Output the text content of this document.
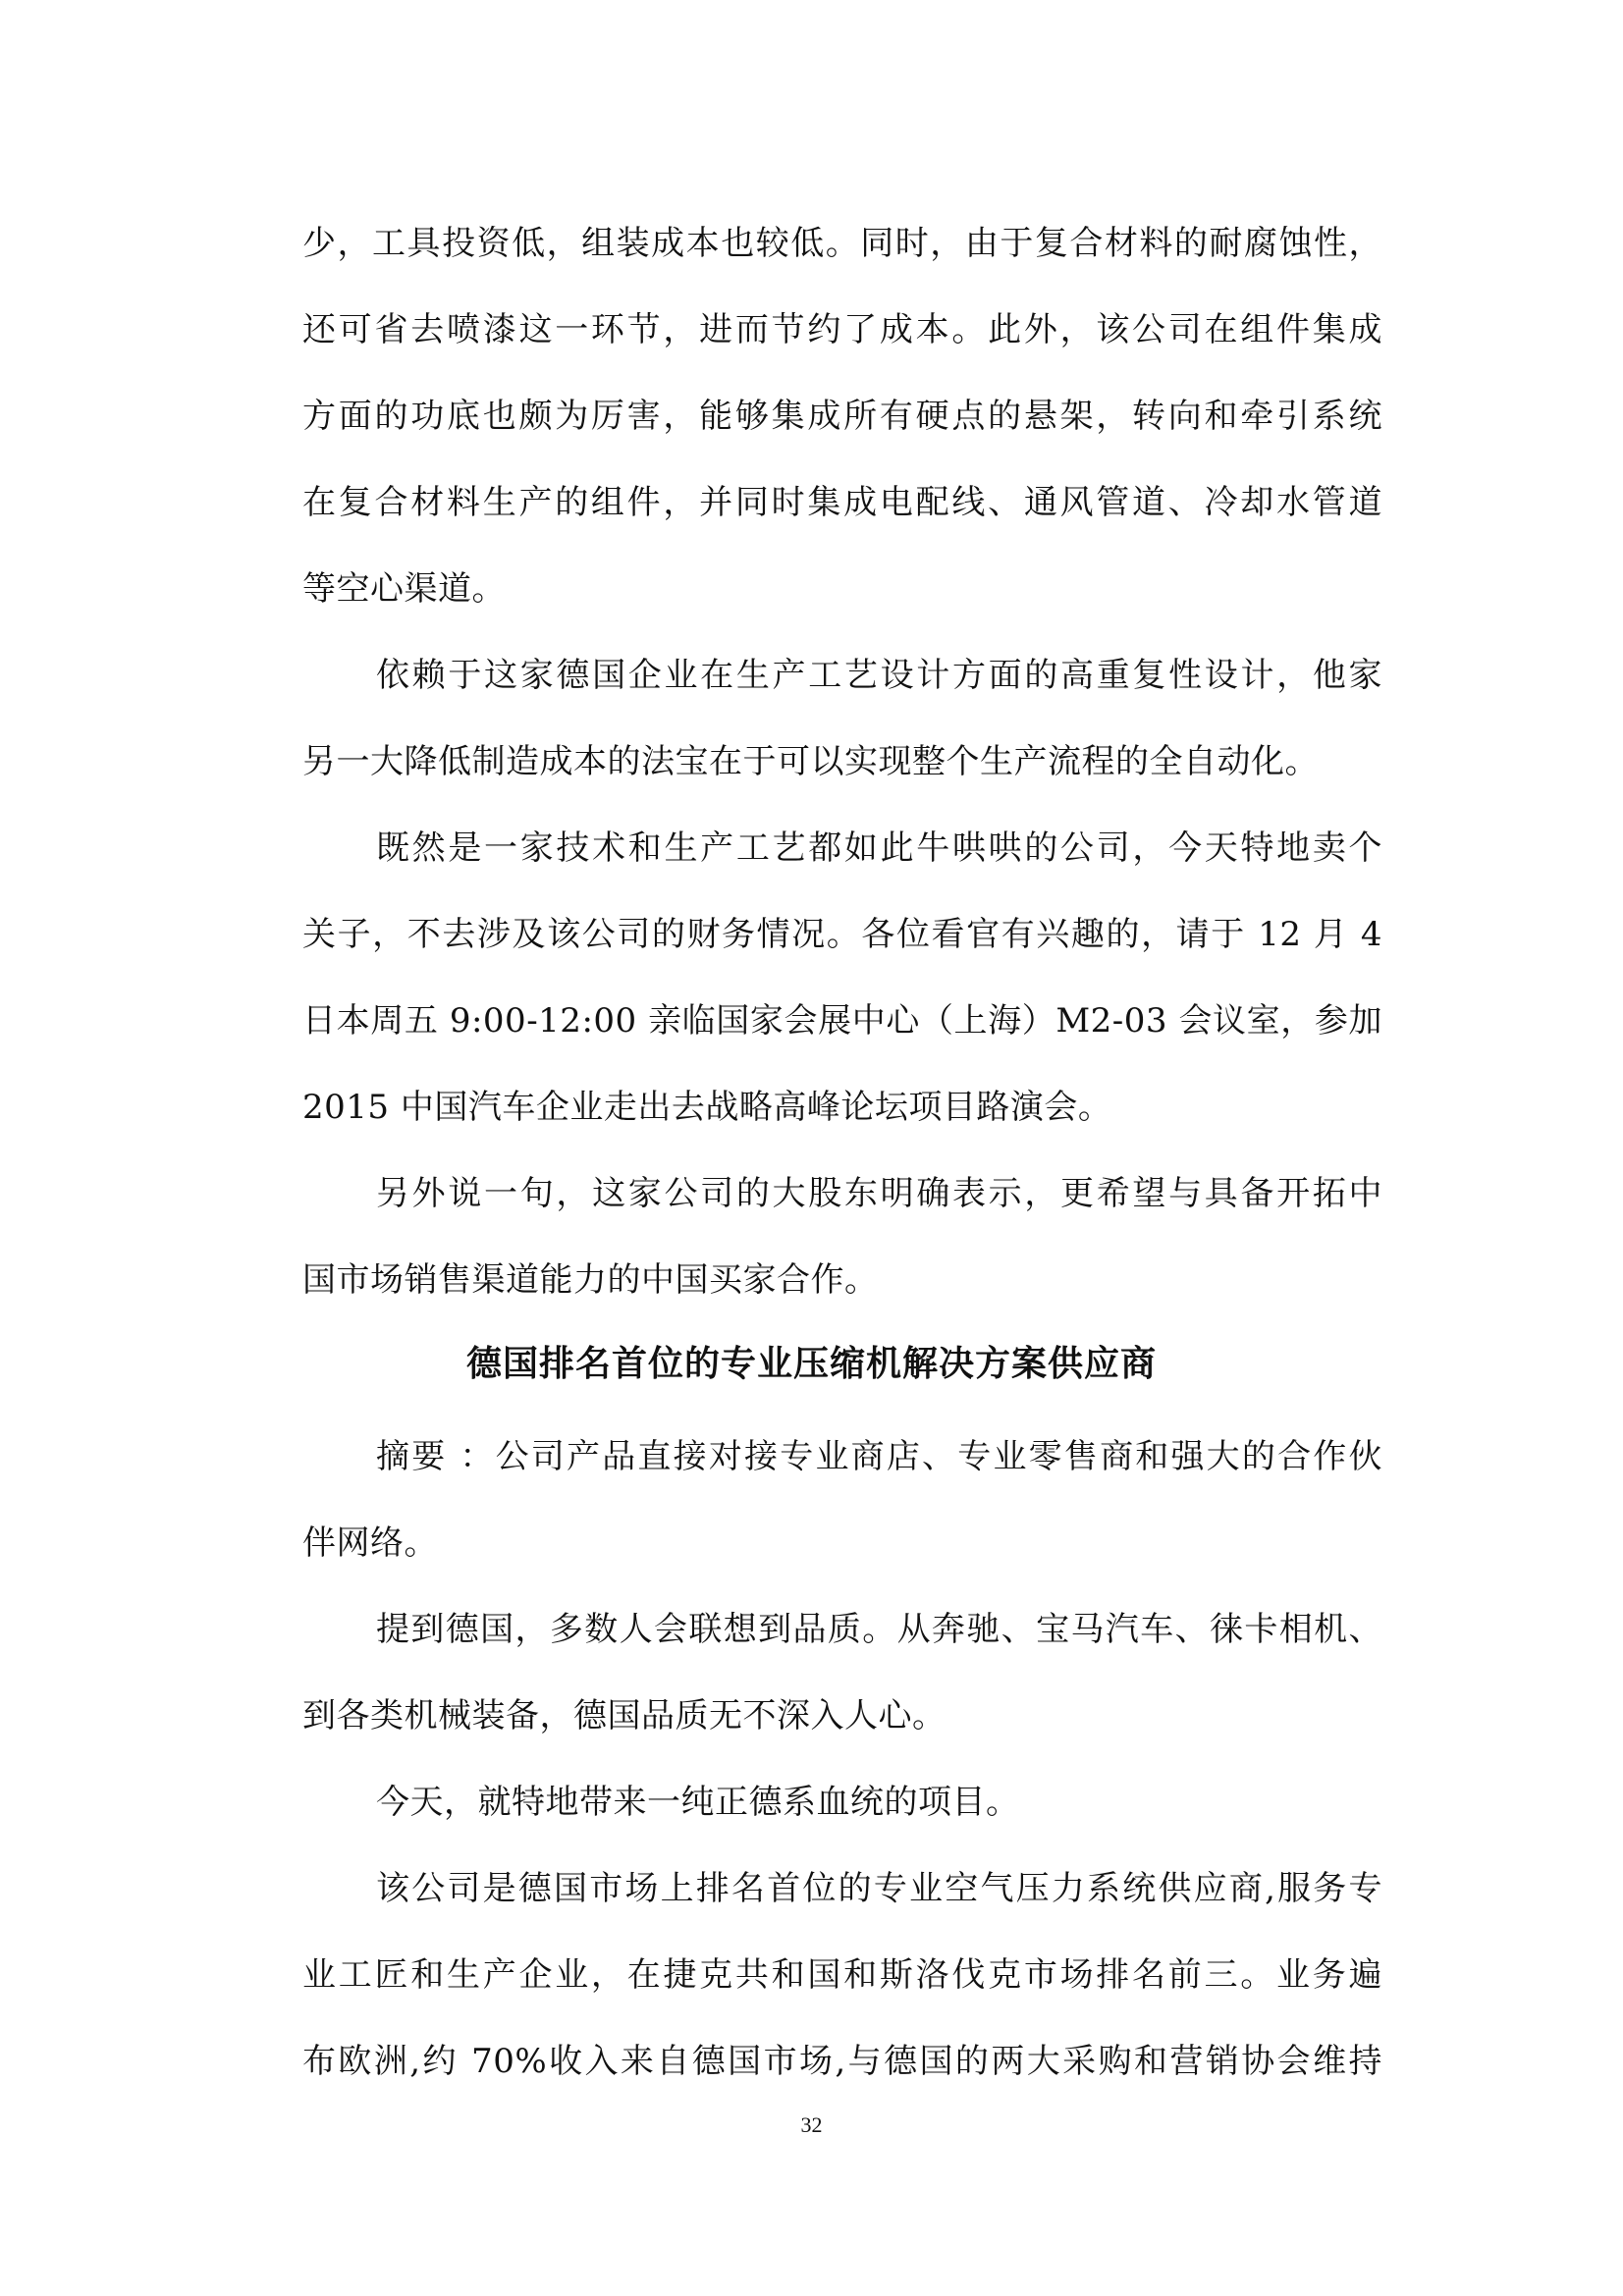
少，工具投资低，组装成本也较低。同时，由于复合材料的耐腐蚀性，
还可省去喷漆这一环节，进而节约了成本。此外，该公司在组件集成
方面的功底也颇为厉害，能够集成所有硬点的悬架，转向和牵引系统
在复合材料生产的组件，并同时集成电配线、通风管道、冷却水管道
等空心渠道。
依赖于这家德国企业在生产工艺设计方面的高重复性设计，他家
另一大降低制造成本的法宝在于可以实现整个生产流程的全自动化。
既然是一家技术和生产工艺都如此牛哄哄的公司，今天特地卖个
关子，不去涉及该公司的财务情况。各位看官有兴趣的，请于 12 月 4
日本周五 9:00-12:00 亲临国家会展中心（上海）M2-03 会议室，参加
2015 中国汽车企业走出去战略高峰论坛项目路演会。
另外说一句，这家公司的大股东明确表示，更希望与具备开拓中
国市场销售渠道能力的中国买家合作。
德国排名首位的专业压缩机解决方案供应商
摘要 ：公司产品直接对接专业商店、专业零售商和强大的合作伙
伴网络。
提到德国，多数人会联想到品质。从奔驰、宝马汽车、徕卡相机、
到各类机械装备，德国品质无不深入人心。
今天，就特地带来一纯正德系血统的项目。
该公司是德国市场上排名首位的专业空气压力系统供应商,服务专
业工匠和生产企业，在捷克共和国和斯洛伐克市场排名前三。业务遍
布欧洲,约 70%收入来自德国市场,与德国的两大采购和营销协会维持
32
